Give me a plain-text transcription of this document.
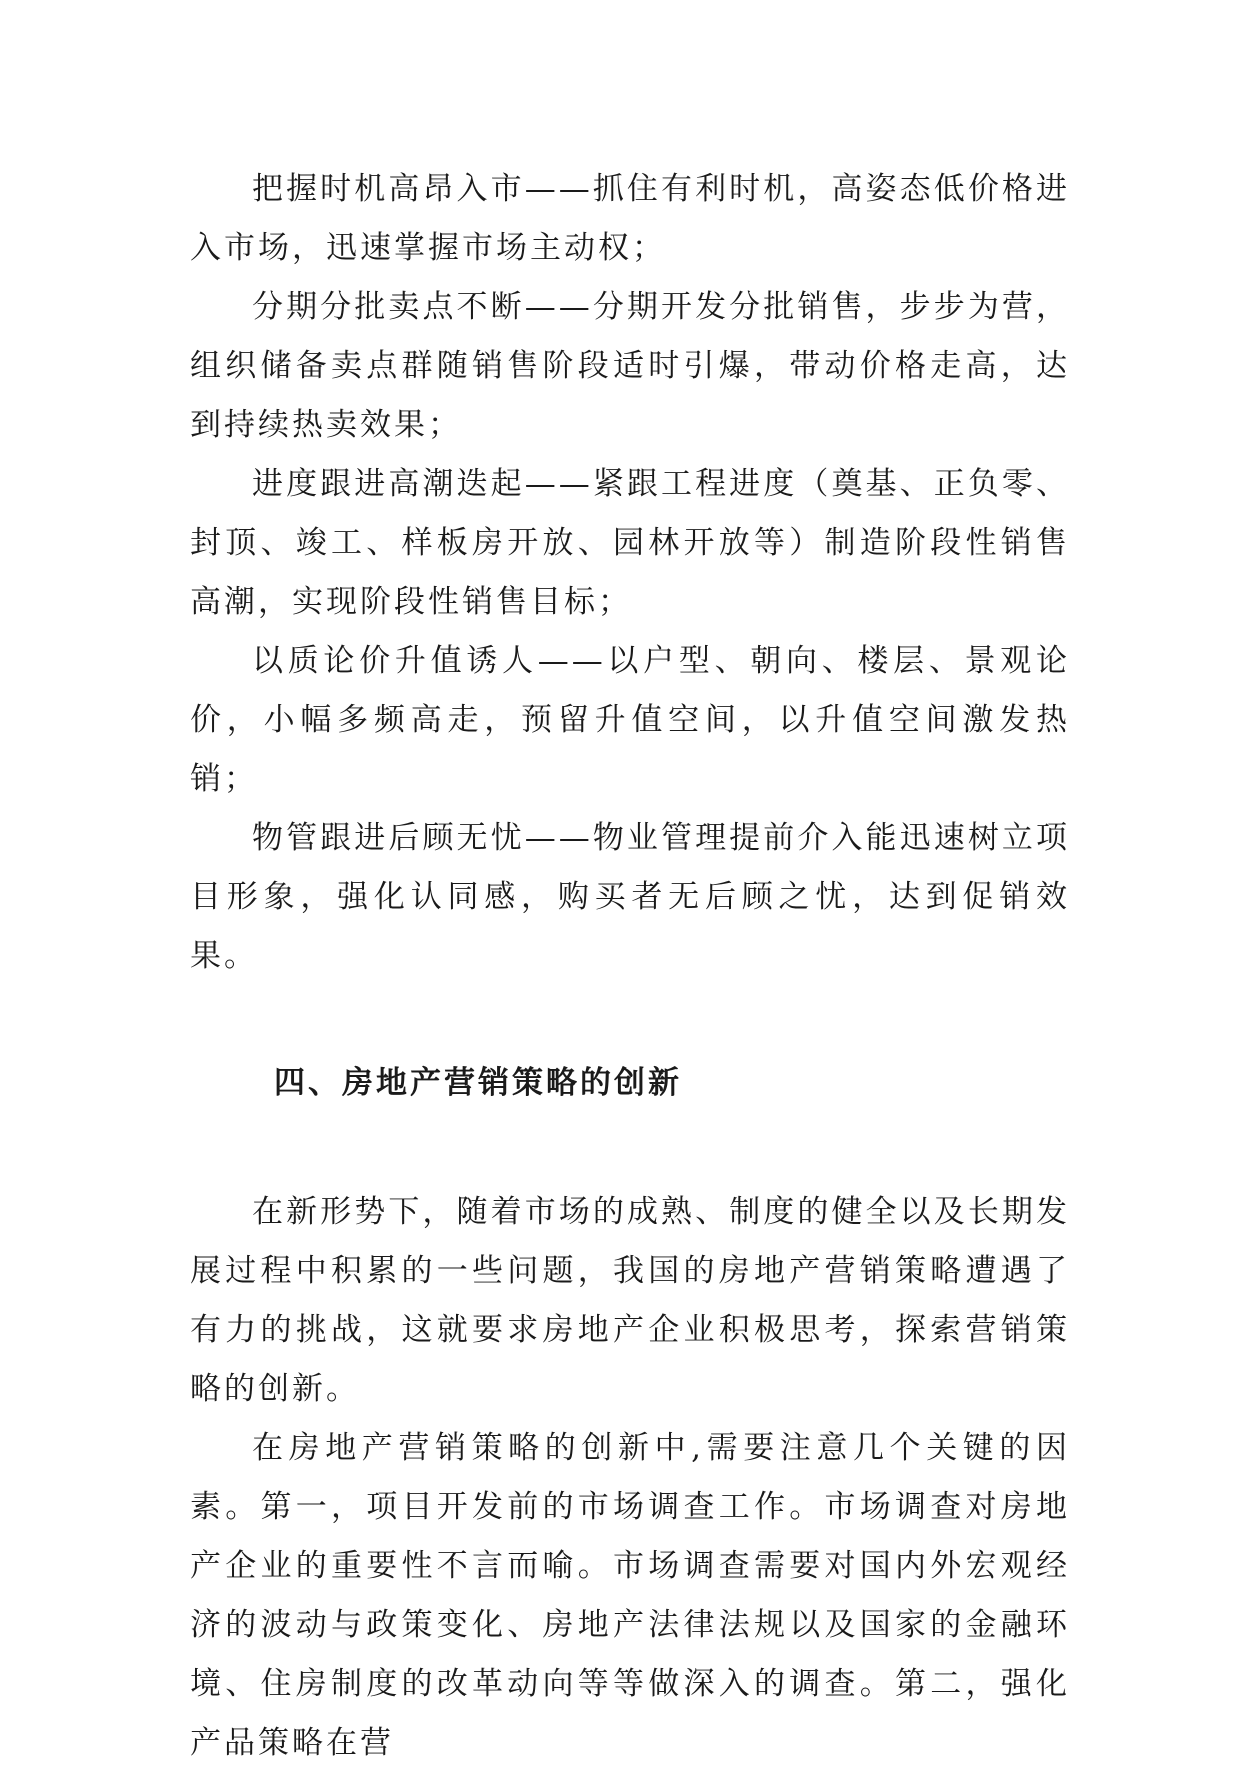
把握时机高昂入市——抓住有利时机，高姿态低价格进入市场，迅速掌握市场主动权；

分期分批卖点不断——分期开发分批销售，步步为营，组织储备卖点群随销售阶段适时引爆，带动价格走高，达到持续热卖效果；

进度跟进高潮迭起——紧跟工程进度（奠基、正负零、封顶、竣工、样板房开放、园林开放等）制造阶段性销售高潮，实现阶段性销售目标；

以质论价升值诱人——以户型、朝向、楼层、景观论价，小幅多频高走，预留升值空间，以升值空间激发热销；

物管跟进后顾无忧——物业管理提前介入能迅速树立项目形象，强化认同感，购买者无后顾之忧，达到促销效果。

四、房地产营销策略的创新

在新形势下，随着市场的成熟、制度的健全以及长期发展过程中积累的一些问题，我国的房地产营销策略遭遇了有力的挑战，这就要求房地产企业积极思考，探索营销策略的创新。

在房地产营销策略的创新中,需要注意几个关键的因素。第一，项目开发前的市场调查工作。市场调查对房地产企业的重要性不言而喻。市场调查需要对国内外宏观经济的波动与政策变化、房地产法律法规以及国家的金融环境、住房制度的改革动向等等做深入的调查。第二，强化产品策略在营
